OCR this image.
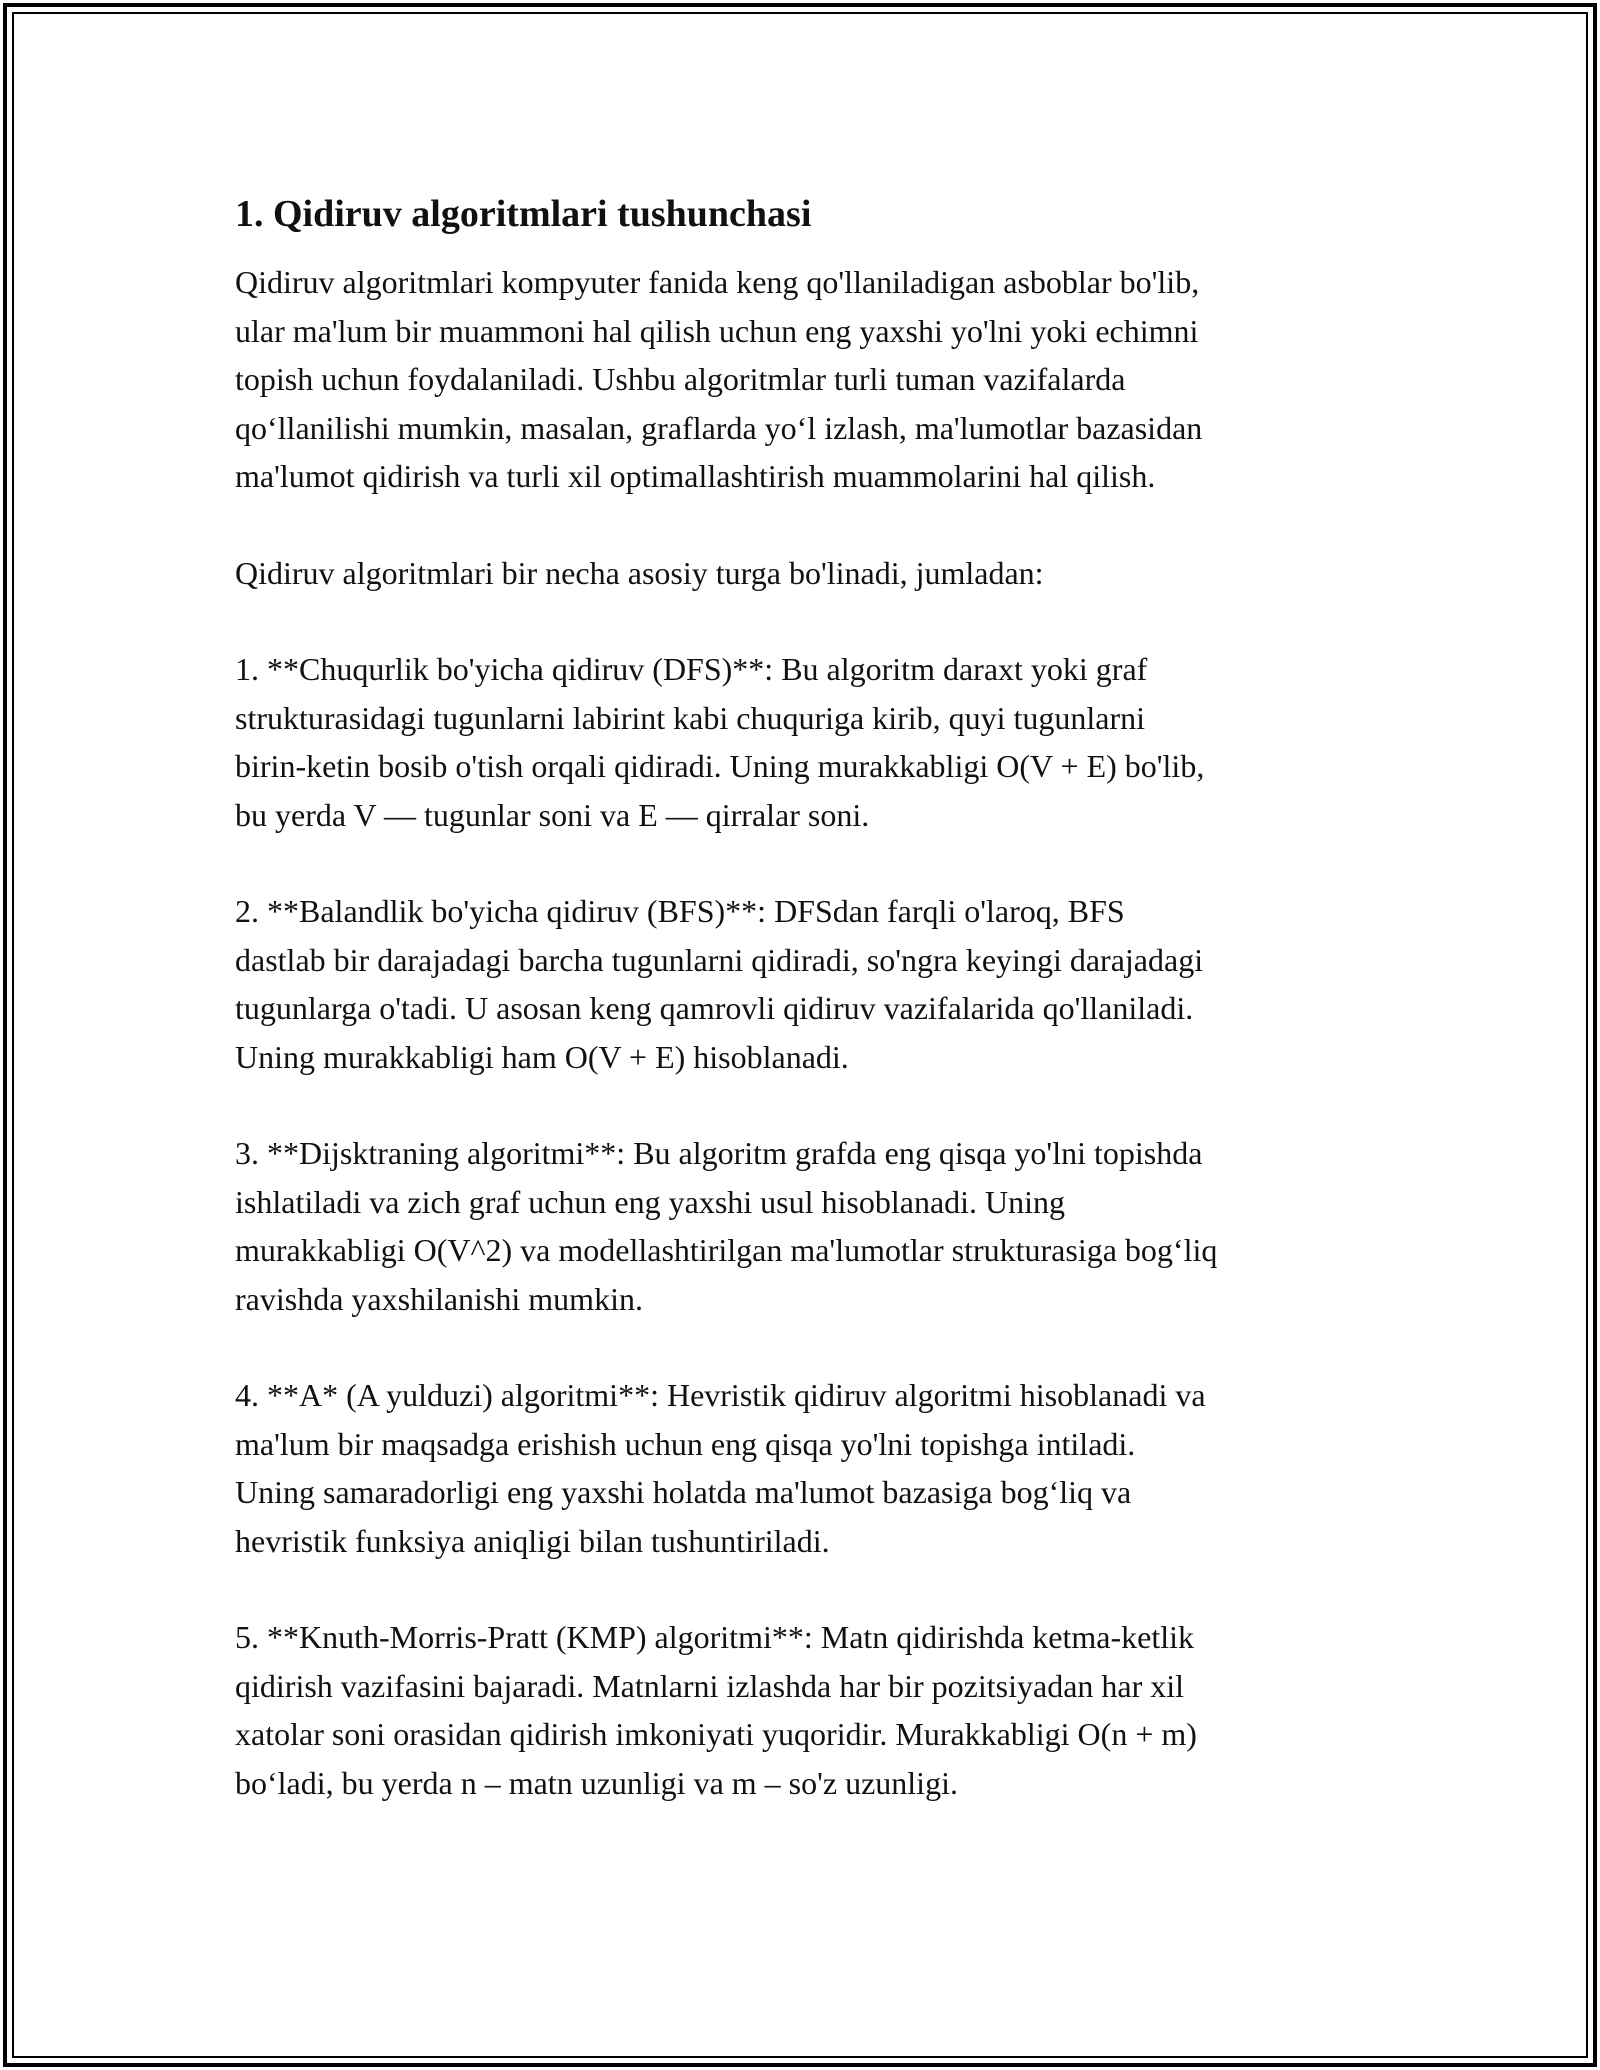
1. Qidiruv algoritmlari tushunchasi
Qidiruv algoritmlari kompyuter fanida keng qo'llaniladigan asboblar bo'lib,
ular ma'lum bir muammoni hal qilish uchun eng yaxshi yo'lni yoki echimni
topish uchun foydalaniladi. Ushbu algoritmlar turli tuman vazifalarda
qo‘llanilishi mumkin, masalan, graflarda yo‘l izlash, ma'lumotlar bazasidan
ma'lumot qidirish va turli xil optimallashtirish muammolarini hal qilish.
Qidiruv algoritmlari bir necha asosiy turga bo'linadi, jumladan:
1. **Chuqurlik bo'yicha qidiruv (DFS)**: Bu algoritm daraxt yoki graf
strukturasidagi tugunlarni labirint kabi chuquriga kirib, quyi tugunlarni
birin-ketin bosib o'tish orqali qidiradi. Uning murakkabligi O(V + E) bo'lib,
bu yerda V — tugunlar soni va E — qirralar soni.
2. **Balandlik bo'yicha qidiruv (BFS)**: DFSdan farqli o'laroq, BFS
dastlab bir darajadagi barcha tugunlarni qidiradi, so'ngra keyingi darajadagi
tugunlarga o'tadi. U asosan keng qamrovli qidiruv vazifalarida qo'llaniladi.
Uning murakkabligi ham O(V + E) hisoblanadi.
3. **Dijsktraning algoritmi**: Bu algoritm grafda eng qisqa yo'lni topishda
ishlatiladi va zich graf uchun eng yaxshi usul hisoblanadi. Uning
murakkabligi O(V^2) va modellashtirilgan ma'lumotlar strukturasiga bog‘liq
ravishda yaxshilanishi mumkin.
4. **A* (A yulduzi) algoritmi**: Hevristik qidiruv algoritmi hisoblanadi va
ma'lum bir maqsadga erishish uchun eng qisqa yo'lni topishga intiladi.
Uning samaradorligi eng yaxshi holatda ma'lumot bazasiga bog‘liq va
hevristik funksiya aniqligi bilan tushuntiriladi.
5. **Knuth-Morris-Pratt (KMP) algoritmi**: Matn qidirishda ketma-ketlik
qidirish vazifasini bajaradi. Matnlarni izlashda har bir pozitsiyadan har xil
xatolar soni orasidan qidirish imkoniyati yuqoridir. Murakkabligi O(n + m)
bo‘ladi, bu yerda n – matn uzunligi va m – so'z uzunligi.
